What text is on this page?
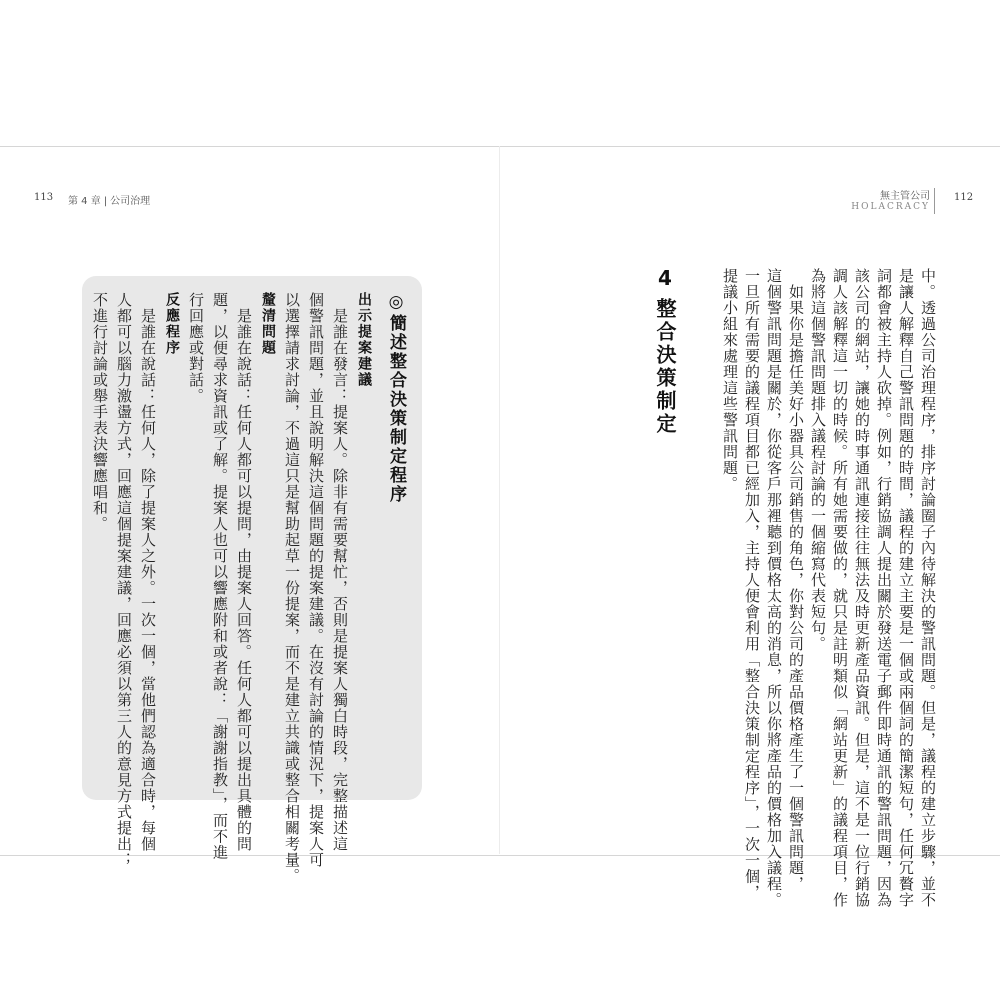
113 第 4 章 | 公司治理	無主管公司
HOLACRACY
112
中。透過公司治理程序，排序討論圈子內待解決的警訊問題。但是，議程的建立步驟，並不
是讓人解釋自己警訊問題的時間，議程的建立主要是一個或兩個詞的簡潔短句，任何冗贅字
詞都會被主持人砍掉。例如，行銷協調人提出關於發送電子郵件即時通訊的警訊問題，因為
該公司的網站，讓她的時事通訊連接往往無法及時更新產品資訊。但是，這不是一位行銷協
調人該解釋這一切的時候。所有她需要做的，就只是註明類似「網站更新」的議程項目，作
為將這個警訊問題排入議程討論的一個縮寫代表短句。
　如果你是擔任美好小器具公司銷售的角色，你對公司的產品價格產生了一個警訊問題，
這個警訊問題是關於，你從客戶那裡聽到價格太高的消息，所以你將產品的價格加入議程。
一旦所有需要的議程項目都已經加入，主持人便會利用「整合決策制定程序」，一次一個，
提議小組來處理這些警訊問題。
4 整合決策制定
◎簡述整合決策制定程序
出示提案建議
　是誰在發言：提案人。除非有需要幫忙，否則是提案人獨白時段，完整描述這
個警訊問題，並且說明解決這個問題的提案建議。在沒有討論的情況下，提案人可
以選擇請求討論，不過這只是幫助起草一份提案，而不是建立共識或整合相關考量。
釐清問題
　是誰在說話：任何人都可以提問，由提案人回答。任何人都可以提出具體的問
題，以便尋求資訊或了解。提案人也可以響應附和或者說：「謝謝指教」，而不進
行回應或對話。
反應程序
　是誰在說話：任何人，除了提案人之外。一次一個，當他們認為適合時，每個
人都可以腦力激盪方式，回應這個提案建議，回應必須以第三人的意見方式提出；
不進行討論或舉手表決響應唱和。
